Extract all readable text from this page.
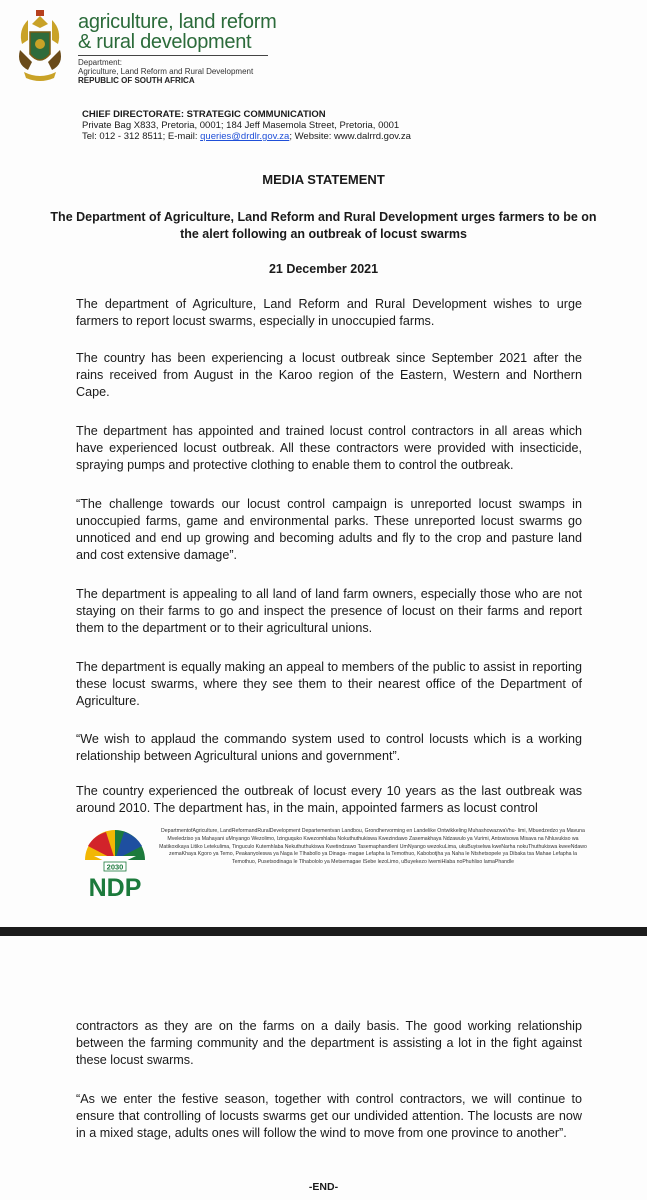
agriculture, land reform
& rural development
Department:
Agriculture, Land Reform and Rural Development
REPUBLIC OF SOUTH AFRICA
CHIEF DIRECTORATE: STRATEGIC COMMUNICATION
Private Bag X833, Pretoria, 0001; 184 Jeff Masemola Street, Pretoria, 0001
Tel: 012 - 312 8511; E-mail: queries@drdlr.gov.za; Website: www.dalrrd.gov.za
MEDIA STATEMENT
The Department of Agriculture, Land Reform and Rural Development urges farmers to be on the alert following an outbreak of locust swarms
21 December 2021

The department of Agriculture, Land Reform and Rural Development wishes to urge farmers to report locust swarms, especially in unoccupied farms.

The country has been experiencing a locust outbreak since September 2021 after the rains received from August in the Karoo region of the Eastern, Western and Northern Cape.

The department has appointed and trained locust control contractors in all areas which have experienced locust outbreak. All these contractors were provided with insecticide, spraying pumps and protective clothing to enable them to control the outbreak.

“The challenge towards our locust control campaign is unreported locust swamps in unoccupied farms, game and environmental parks. These unreported locust swarms go unnoticed and end up growing and becoming adults and fly to the crop and pasture land and cost extensive damage”.

The department is appealing to all land of land farm owners, especially those who are not staying on their farms to go and inspect the presence of locust on their farms and report them to the department or to their agricultural unions.

The department is equally making an appeal to members of the public to assist in reporting these locust swarms, where they see them to their nearest office of the Department of Agriculture.

“We wish to applaud the commando system used to control locusts which is a working relationship between Agricultural unions and government”.

The country experienced the outbreak of locust every 10 years as the last outbreak was around 2010. The department has, in the main, appointed farmers as locust control

2030
NDP

DepartmentofAgriculture, LandReformandRuralDevelopment Departementvan Landbou, Grondhervorming en Landelike Ontwikkeling MuhashowazwaVhu- limi, Mbuedzedzo ya Mavuna Mveledziso ya Mahayani uMnyango Wezolimo, Izinguquko Kwezomhlaba Nokuthuthukiswa Kwezindawo Zasemakhaya Ndzawulo ya Vurimi, Antswisowa Misava na Nhluvukiso wa Matikoxikaya Litiko Letekulima, Tinguculo Kutemhlaba Nekuthuthukiswa Kwetindzawo Tasemaphandleni UmNyango wezokuLima, ukuBuyiselwa kweNarha nokuThuthukiswa kweeNdawo zemaKhaya Kgoro ya Temo, Peakanyoleswa ya Naga le Tlhabollo ya Dinaga- magae Lefapha la Temothuo, Kabobotjha ya Naha le Ntshetsopele ya Dibaka tsa Mahae Lefapha la Temothuo, Pusetsodinaga le Tlhabololo ya Metsemagae ISebe lezoLimo, uBuyekezo lwemiHlaba noPhuhliso lamaPhandle

contractors as they are on the farms on a daily basis. The good working relationship between the farming community and the department is assisting a lot in the fight against these locust swarms.

“As we enter the festive season, together with control contractors, we will continue to ensure that controlling of locusts swarms get our undivided attention. The locusts are now in a mixed stage, adults ones will follow the wind to move from one province to another”.

-END-
